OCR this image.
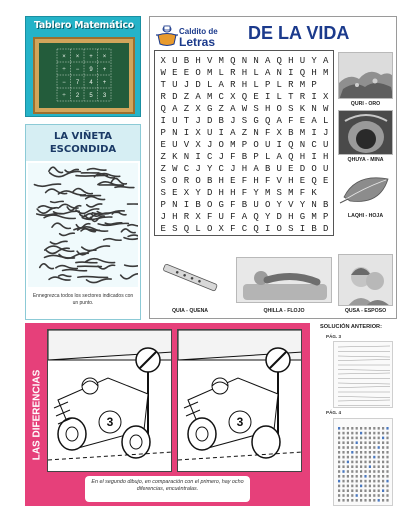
Tablero Matemático
× × + ×
÷ − 9 +
− 7 4 +
÷ 2 5 3
LA VIÑETA
ESCONDIDA
Ennegrezca todos los sectores indicados con un punto.
Caldito de
Letras DE LA VIDA
X U B H V M Q N N A Q H U Y A
W E E O M L R H L A N I Q H M
T U J D L A R H L P L R M P
R D Z A M C X Q E I L T R I X
Q A Z X G Z A W S H O S K N W
I U T J D B J S G Q A F E A L
P N I X U I A Z N F X B M I J
E U V X J O M P O U I Q N C U
Z K N I C J F B P L A Q H I H
Z W C J Y C J H A B U E D O U
S O R O B H E F H F V H E Q E
S E X Y D H H F Y M S M F K
P N I B O G F B U O Y V Y N B
J H R X F U F A Q Y D H G M P
E S Q L O X F C Q I O S I B D
QURI - ORO
QHUYA - MINA
LAQHI - HOJA
QUSA - ESPOSO
QUIA - QUENA	QHILLA - FLOJO
LAS DIFERENCIAS	3	3
En el segundo dibujo, en comparación con el primero, hay ocho diferencias, encuéntralas.
SOLUCIÓN ANTERIOR:
PÁG. 3
PÁG. 4
